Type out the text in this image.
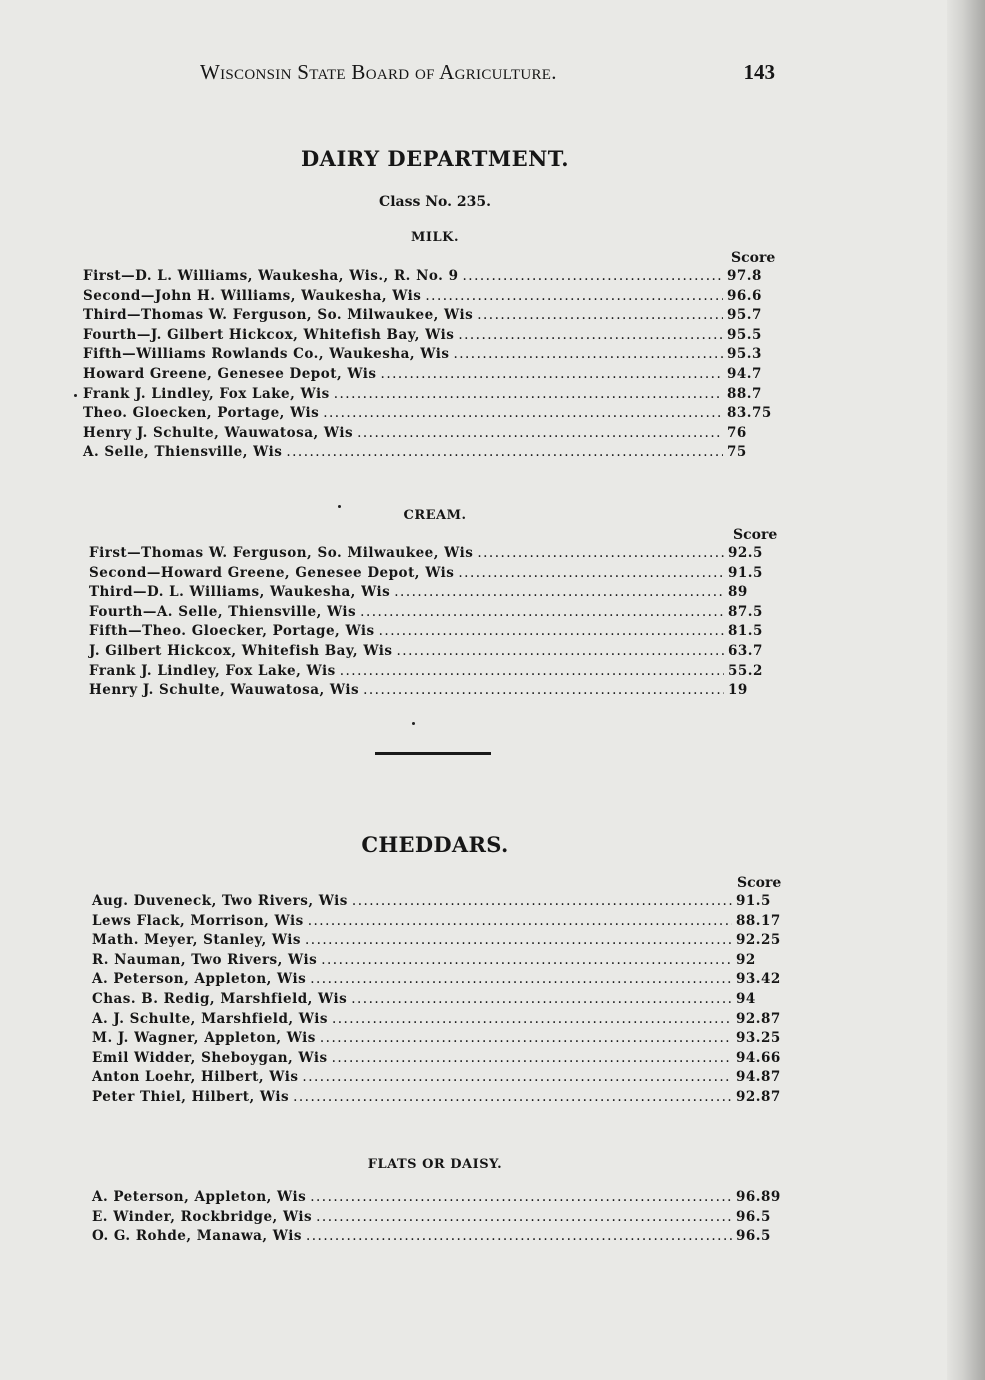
Wisconsin State Board of Agriculture.	143
DAIRY DEPARTMENT.
Class No. 235.
MILK.
Score
First—D. L. Williams, Waukesha, Wis., R. No. 9 .....	97.8
Second—John H. Williams, Waukesha, Wis .....	96.6
Third—Thomas W. Ferguson, So. Milwaukee, Wis .....	95.7
Fourth—J. Gilbert Hickcox, Whitefish Bay, Wis .....	95.5
Fifth—Williams Rowlands Co., Waukesha, Wis .....	95.3
Howard Greene, Genesee Depot, Wis .....	94.7
Frank J. Lindley, Fox Lake, Wis .....	88.7
Theo. Gloecken, Portage, Wis .....	83.75
Henry J. Schulte, Wauwatosa, Wis .....	76
A. Selle, Thiensville, Wis .....	75
CREAM.
Score
First—Thomas W. Ferguson, So. Milwaukee, Wis .....	92.5
Second—Howard Greene, Genesee Depot, Wis .....	91.5
Third—D. L. Williams, Waukesha, Wis .....	89
Fourth—A. Selle, Thiensville, Wis .....	87.5
Fifth—Theo. Gloecker, Portage, Wis .....	81.5
J. Gilbert Hickcox, Whitefish Bay, Wis .....	63.7
Frank J. Lindley, Fox Lake, Wis .....	55.2
Henry J. Schulte, Wauwatosa, Wis .....	19
CHEDDARS.
Score
Aug. Duveneck, Two Rivers, Wis .....	91.5
Lews Flack, Morrison, Wis .....	88.17
Math. Meyer, Stanley, Wis .....	92.25
R. Nauman, Two Rivers, Wis .....	92
A. Peterson, Appleton, Wis .....	93.42
Chas. B. Redig, Marshfield, Wis .....	94
A. J. Schulte, Marshfield, Wis .....	92.87
M. J. Wagner, Appleton, Wis .....	93.25
Emil Widder, Sheboygan, Wis .....	94.66
Anton Loehr, Hilbert, Wis .....	94.87
Peter Thiel, Hilbert, Wis .....	92.87
FLATS OR DAISY.
A. Peterson, Appleton, Wis .....	96.89
E. Winder, Rockbridge, Wis .....	96.5
O. G. Rohde, Manawa, Wis .....	96.5
